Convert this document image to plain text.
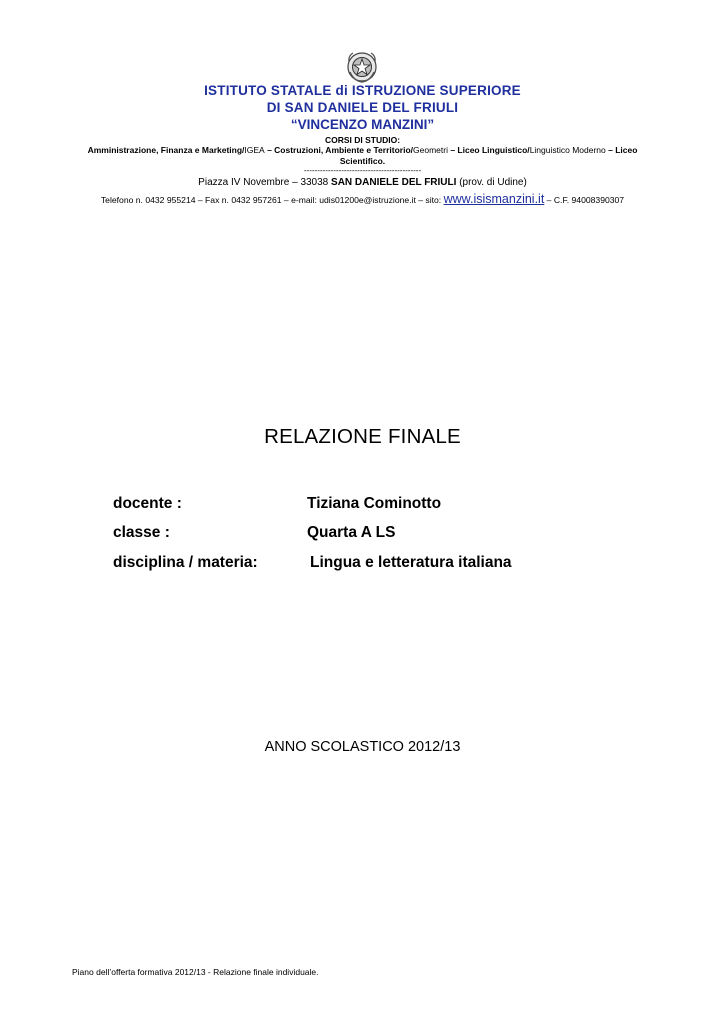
ISTITUTO STATALE di ISTRUZIONE SUPERIORE
DI SAN DANIELE DEL FRIULI
“VINCENZO MANZINI”
CORSI DI STUDIO:
Amministrazione, Finanza e Marketing/IGEA – Costruzioni, Ambiente e Territorio/Geometri – Liceo Linguistico/Linguistico Moderno – Liceo Scientifico.
--------------------------------------------
Piazza IV Novembre – 33038 SAN DANIELE DEL FRIULI (prov. di Udine)
Telefono n. 0432 955214 – Fax n. 0432 957261 – e-mail: udis01200e@istruzione.it – sito: www.isismanzini.it – C.F. 94008390307
RELAZIONE FINALE
docente :	Tiziana Cominotto
classe :	Quarta A LS
disciplina / materia:	Lingua e letteratura italiana
ANNO SCOLASTICO 2012/13
Piano dell’offerta formativa 2012/13 - Relazione finale individuale.
